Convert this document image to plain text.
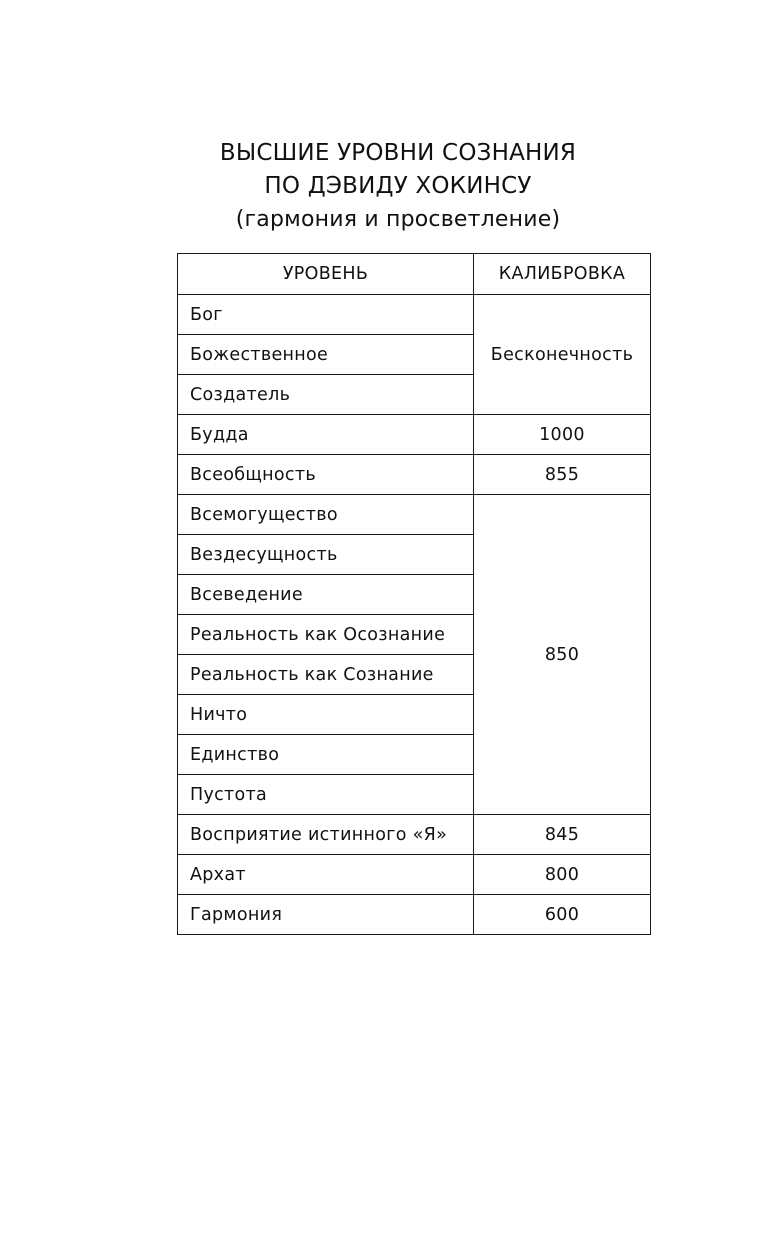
ВЫСШИЕ УРОВНИ СОЗНАНИЯ
ПО ДЭВИДУ ХОКИНСУ
(гармония и просветление)
УРОВЕНЬ	КАЛИБРОВКА
Бог	Бесконечность
Божественное	
Создатель	
Будда	1000
Всеобщность	855
Всемогущество	850
Вездесущность	
Всеведение	
Реальность как Осознание	
Реальность как Сознание	
Ничто	
Единство	
Пустота	
Восприятие истинного «Я»	845
Архат	800
Гармония	600
